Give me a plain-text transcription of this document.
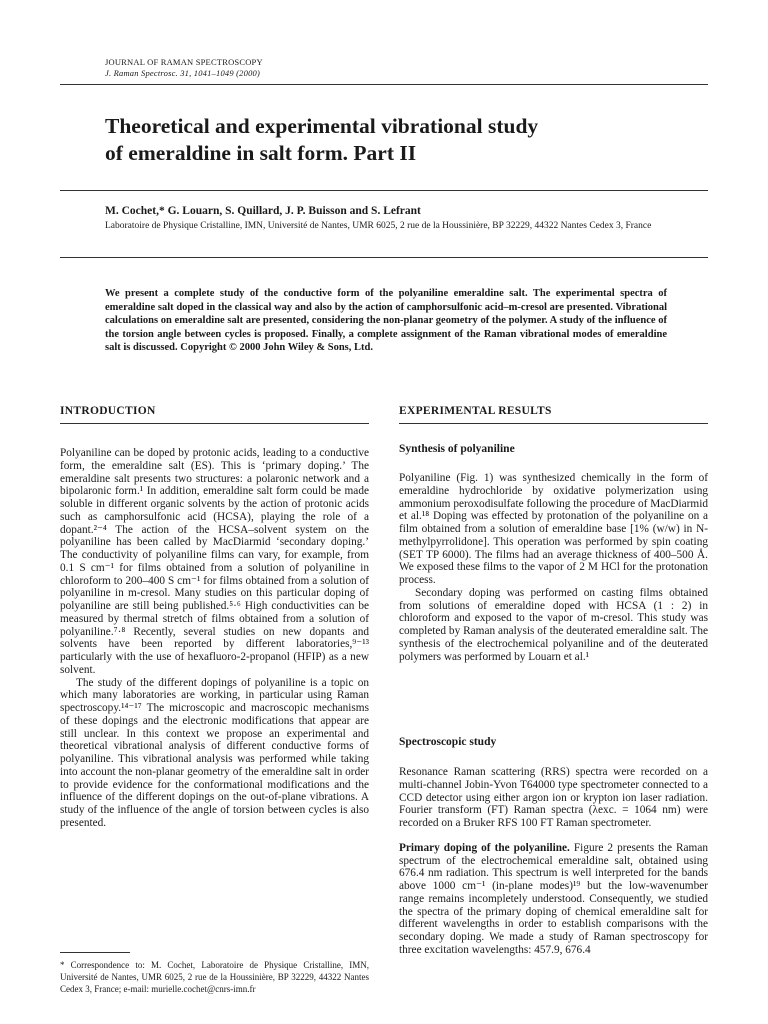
JOURNAL OF RAMAN SPECTROSCOPY
J. Raman Spectrosc. 31, 1041–1049 (2000)
Theoretical and experimental vibrational study
of emeraldine in salt form. Part II
M. Cochet,* G. Louarn, S. Quillard, J. P. Buisson and S. Lefrant
Laboratoire de Physique Cristalline, IMN, Université de Nantes, UMR 6025, 2 rue de la Houssinière, BP 32229, 44322 Nantes Cedex 3, France
We present a complete study of the conductive form of the polyaniline emeraldine salt. The experimental spectra of emeraldine salt doped in the classical way and also by the action of camphorsulfonic acid–m-cresol are presented. Vibrational calculations on emeraldine salt are presented, considering the non-planar geometry of the polymer. A study of the influence of the torsion angle between cycles is proposed. Finally, a complete assignment of the Raman vibrational modes of emeraldine salt is discussed. Copyright © 2000 John Wiley & Sons, Ltd.
INTRODUCTION

Polyaniline can be doped by protonic acids, leading to a conductive form, the emeraldine salt (ES). This is ‘primary doping.’ The emeraldine salt presents two structures: a polaronic network and a bipolaronic form.¹ In addition, emeraldine salt form could be made soluble in different organic solvents by the action of protonic acids such as camphorsulfonic acid (HCSA), playing the role of a dopant.²⁻⁴ The action of the HCSA–solvent system on the polyaniline has been called by MacDiarmid ‘secondary doping.’ The conductivity of polyaniline films can vary, for example, from 0.1 S cm⁻¹ for films obtained from a solution of polyaniline in chloroform to 200–400 S cm⁻¹ for films obtained from a solution of polyaniline in m-cresol. Many studies on this particular doping of polyaniline are still being published.⁵·⁶ High conductivities can be measured by thermal stretch of films obtained from a solution of polyaniline.⁷·⁸ Recently, several studies on new dopants and solvents have been reported by different laboratories,⁹⁻¹³ particularly with the use of hexafluoro-2-propanol (HFIP) as a new solvent.

The study of the different dopings of polyaniline is a topic on which many laboratories are working, in particular using Raman spectroscopy.¹⁴⁻¹⁷ The microscopic and macroscopic mechanisms of these dopings and the electronic modifications that appear are still unclear. In this context we propose an experimental and theoretical vibrational analysis of different conductive forms of polyaniline. This vibrational analysis was performed while taking into account the non-planar geometry of the emeraldine salt in order to provide evidence for the conformational modifications and the influence of the different dopings on the out-of-plane vibrations. A study of the influence of the angle of torsion between cycles is also presented.

* Correspondence to: M. Cochet, Laboratoire de Physique Cristalline, IMN, Université de Nantes, UMR 6025, 2 rue de la Houssinière, BP 32229, 44322 Nantes Cedex 3, France; e-mail: murielle.cochet@cnrs-imn.fr
EXPERIMENTAL RESULTS
Synthesis of polyaniline

Polyaniline (Fig. 1) was synthesized chemically in the form of emeraldine hydrochloride by oxidative polymerization using ammonium peroxodisulfate following the procedure of MacDiarmid et al.¹⁸ Doping was effected by protonation of the polyaniline on a film obtained from a solution of emeraldine base [1% (w/w) in N-methylpyrrolidone]. This operation was performed by spin coating (SET TP 6000). The films had an average thickness of 400–500 Å. We exposed these films to the vapor of 2 M HCl for the protonation process.

Secondary doping was performed on casting films obtained from solutions of emeraldine doped with HCSA (1 : 2) in chloroform and exposed to the vapor of m-cresol. This study was completed by Raman analysis of the deuterated emeraldine salt. The synthesis of the electrochemical polyaniline and of the deuterated polymers was performed by Louarn et al.¹

Spectroscopic study

Resonance Raman scattering (RRS) spectra were recorded on a multi-channel Jobin-Yvon T64000 type spectrometer connected to a CCD detector using either argon ion or krypton ion laser radiation. Fourier transform (FT) Raman spectra (λexc. = 1064 nm) were recorded on a Bruker RFS 100 FT Raman spectrometer.

Primary doping of the polyaniline. Figure 2 presents the Raman spectrum of the electrochemical emeraldine salt, obtained using 676.4 nm radiation. This spectrum is well interpreted for the bands above 1000 cm⁻¹ (in-plane modes)¹⁹ but the low-wavenumber range remains incompletely understood. Consequently, we studied the spectra of the primary doping of chemical emeraldine salt for different wavelengths in order to establish comparisons with the secondary doping. We made a study of Raman spectroscopy for three excitation wavelengths: 457.9, 676.4
